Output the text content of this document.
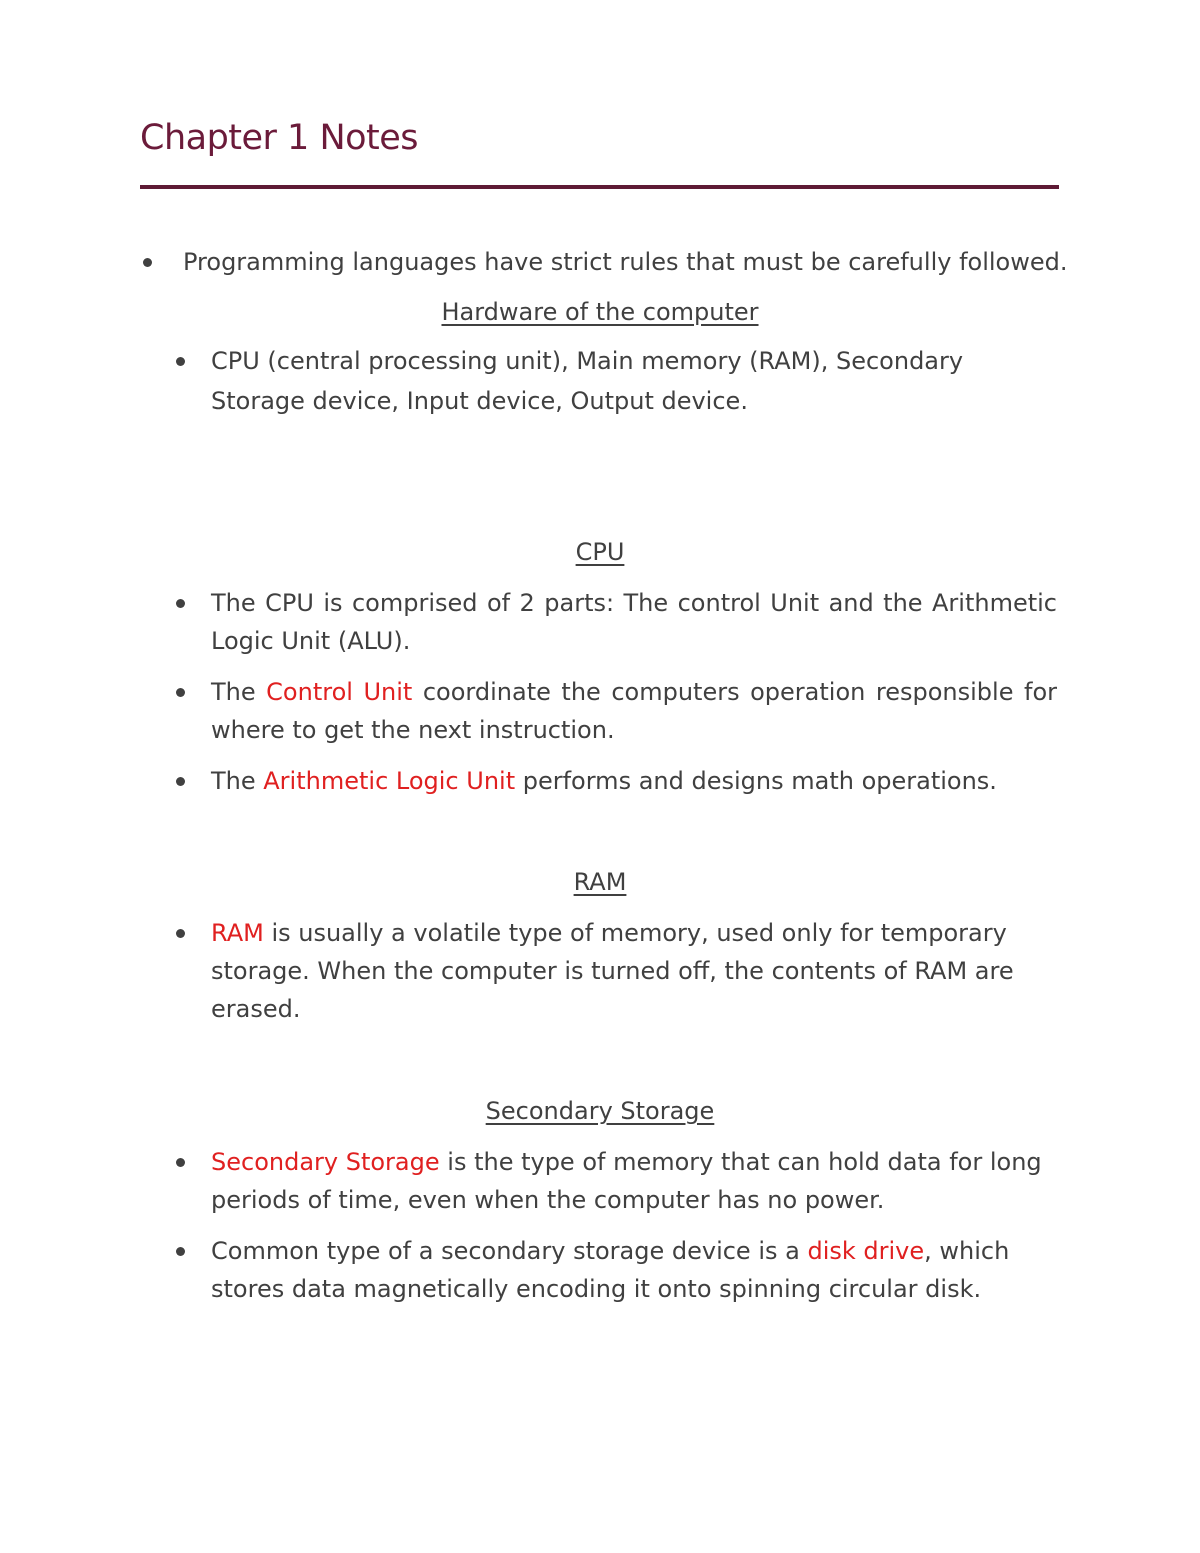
Chapter 1 Notes
Programming languages have strict rules that must be carefully followed.
Hardware of the computer
CPU (central processing unit), Main memory (RAM), Secondary
Storage device, Input device, Output device.
CPU
The CPU is comprised of 2 parts: The control Unit and the Arithmetic
Logic Unit (ALU).
The Control Unit coordinate the computers operation responsible for
where to get the next instruction.
The Arithmetic Logic Unit performs and designs math operations.
RAM
RAM is usually a volatile type of memory, used only for temporary
storage. When the computer is turned off, the contents of RAM are
erased.
Secondary Storage
Secondary Storage is the type of memory that can hold data for long
periods of time, even when the computer has no power.
Common type of a secondary storage device is a disk drive, which
stores data magnetically encoding it onto spinning circular disk.
